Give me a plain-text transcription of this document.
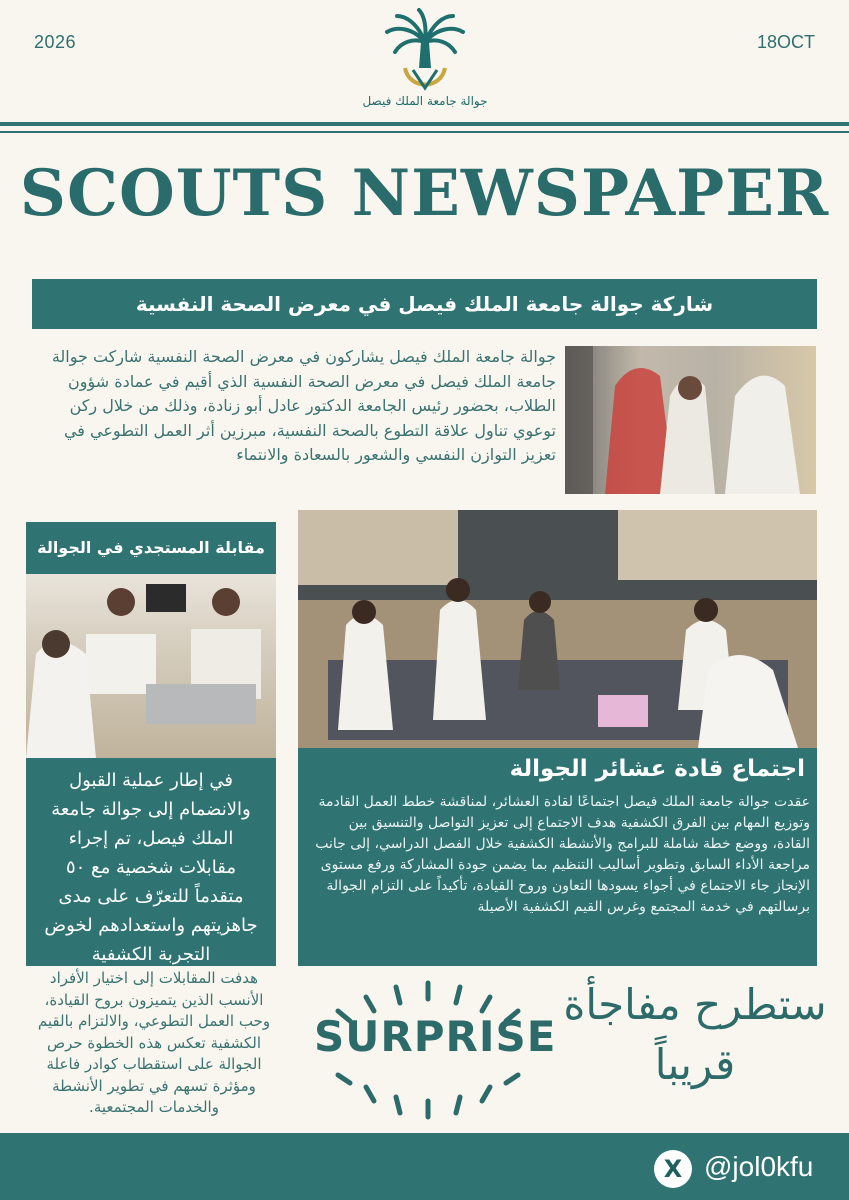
2026	18OCT
جوالة جامعة الملك فيصل
SCOUTS NEWSPAPER
شاركة جوالة جامعة الملك فيصل في معرض الصحة النفسية
جوالة جامعة الملك فيصل يشاركون في معرض الصحة النفسية شاركت جوالة جامعة الملك فيصل في معرض الصحة النفسية الذي أقيم في عمادة شؤون الطلاب، بحضور رئيس الجامعة الدكتور عادل أبو زنادة، وذلك من خلال ركن توعوي تناول علاقة التطوع بالصحة النفسية، مبرزين أثر العمل التطوعي في تعزيز التوازن النفسي والشعور بالسعادة والانتماء
مقابلة المستجدي في الجوالة
في إطار عملية القبول والانضمام إلى جوالة جامعة الملك فيصل، تم إجراء مقابلات شخصية مع ٥٠ متقدماً للتعرّف على مدى جاهزيتهم واستعدادهم لخوض التجربة الكشفية
هدفت المقابلات إلى اختيار الأفراد الأنسب الذين يتميزون بروح القيادة، وحب العمل التطوعي، والالتزام بالقيم الكشفية تعكس هذه الخطوة حرص الجوالة على استقطاب كوادر فاعلة ومؤثرة تسهم في تطوير الأنشطة والخدمات المجتمعية.
اجتماع قادة عشائر الجوالة
عقدت جوالة جامعة الملك فيصل اجتماعًا لقادة العشائر، لمناقشة خطط العمل القادمة وتوزيع المهام بين الفرق الكشفية هدف الاجتماع إلى تعزيز التواصل والتنسيق بين القادة، ووضع خطة شاملة للبرامج والأنشطة الكشفية خلال الفصل الدراسي، إلى جانب مراجعة الأداء السابق وتطوير أساليب التنظيم بما يضمن جودة المشاركة ورفع مستوى الإنجاز جاء الاجتماع في أجواء يسودها التعاون وروح القيادة، تأكيداً على التزام الجوالة برسالتهم في خدمة المجتمع وغرس القيم الكشفية الأصيلة
SURPRISE
ستطرح مفاجأة قريباً
X @jol0kfu
